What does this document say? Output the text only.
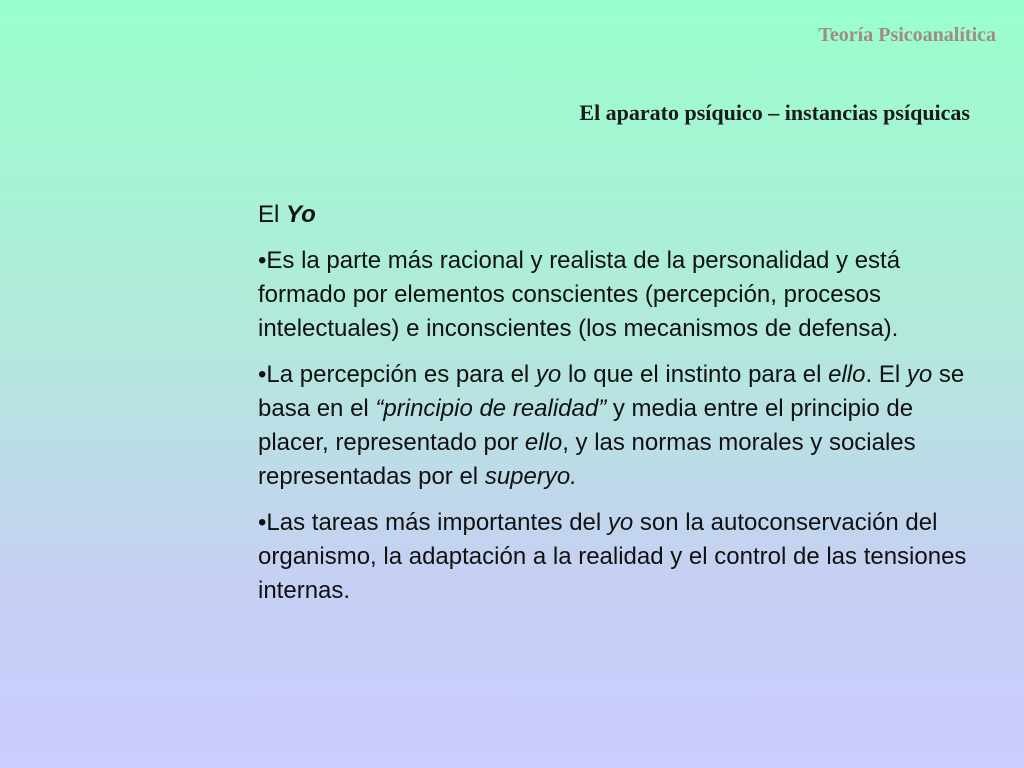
Teoría Psicoanalítica
El aparato psíquico – instancias psíquicas

El Yo

•Es la parte más racional y realista de la personalidad y está formado por elementos conscientes (percepción, procesos intelectuales) e inconscientes (los mecanismos de defensa).
•La percepción es para el yo lo que el instinto para el ello. El yo se basa en el “principio de realidad” y media entre el principio de placer, representado por ello, y las normas morales y sociales representadas por el superyo.
•Las tareas más importantes del yo son la autoconservación del organismo, la adaptación a la realidad y el control de las tensiones internas.
